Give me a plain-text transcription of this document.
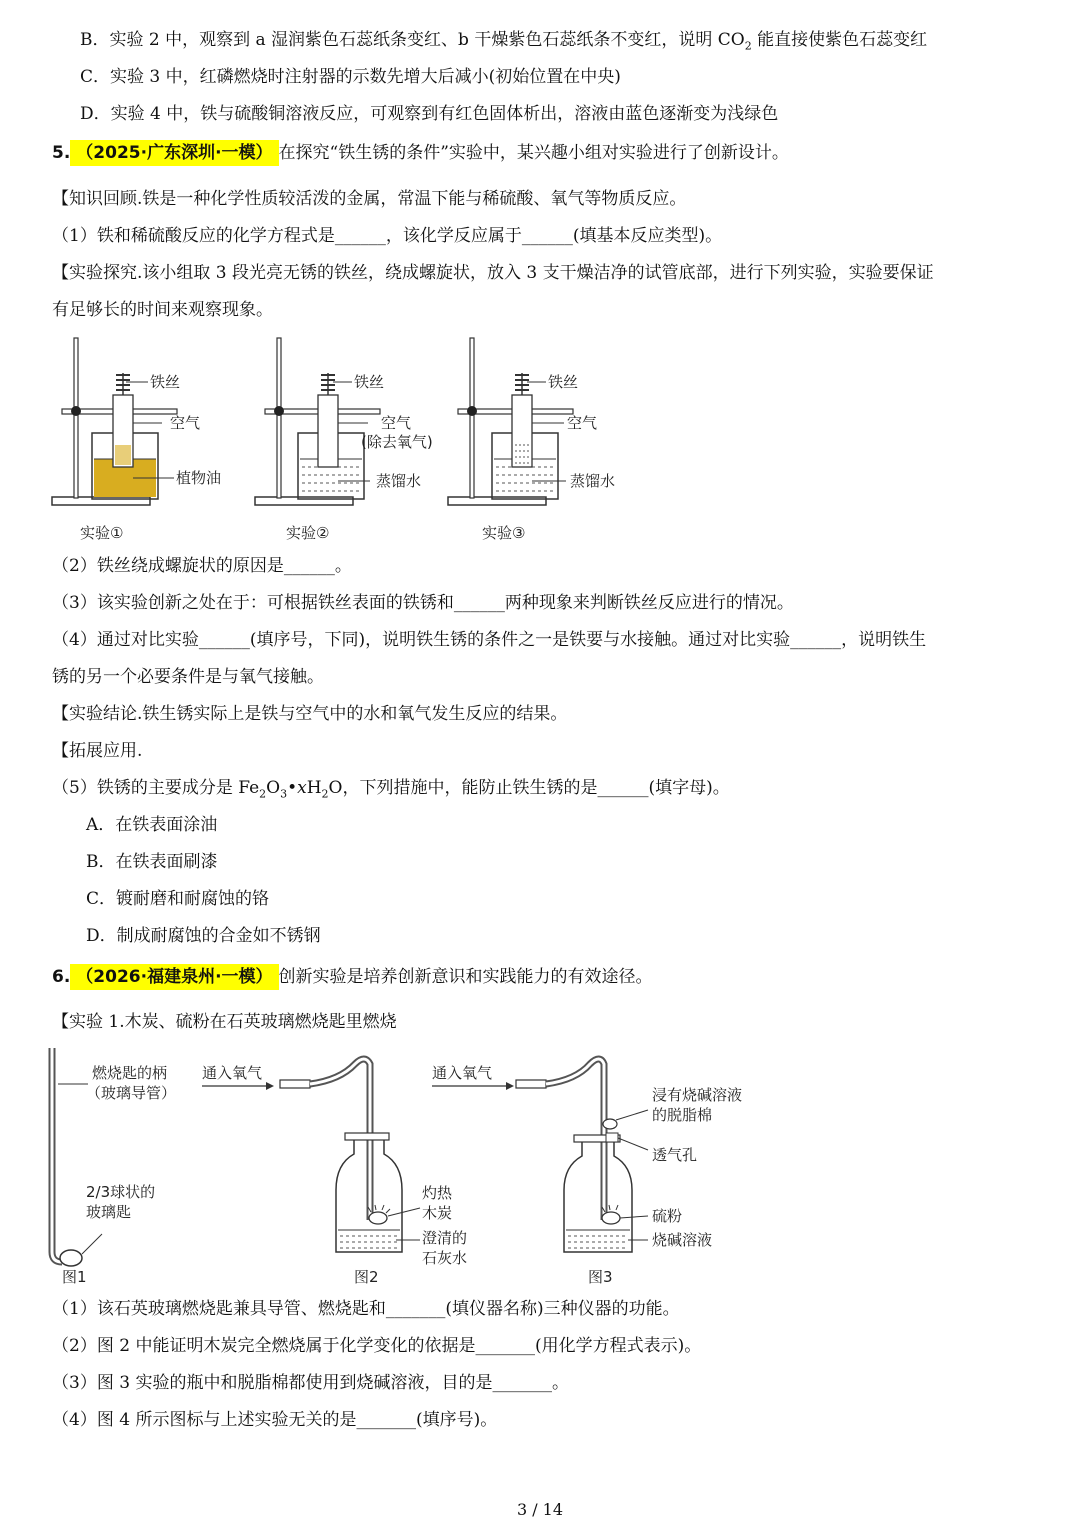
B．实验 2 中，观察到 a 湿润紫色石蕊纸条变红、b 干燥紫色石蕊纸条不变红，说明 $CO_2$ 能直接使紫色石蕊变红
C．实验 3 中，红磷燃烧时注射器的示数先增大后减小(初始位置在中央)
D．实验 4 中，铁与硫酸铜溶液反应，可观察到有红色固体析出，溶液由蓝色逐渐变为浅绿色
5. （2025·广东深圳·一模） 在探究“铁生锈的条件”实验中，某兴趣小组对实验进行了创新设计。
【知识回顾.铁是一种化学性质较活泼的金属，常温下能与稀硫酸、氧气等物质反应。
（1）铁和稀硫酸反应的化学方程式是______，该化学反应属于______(填基本反应类型)。
【实验探究.该小组取 3 段光亮无锈的铁丝，绕成螺旋状，放入 3 支干燥洁净的试管底部，进行下列实验，实验要保证
有足够长的时间来观察现象。
铁丝
空气
植物油
实验①
铁丝
空气
(除去氧气)
蒸馏水
实验②
铁丝
空气
蒸馏水
实验③
（2）铁丝绕成螺旋状的原因是______。
（3）该实验创新之处在于：可根据铁丝表面的铁锈和______两种现象来判断铁丝反应进行的情况。
（4）通过对比实验______(填序号，下同)，说明铁生锈的条件之一是铁要与水接触。通过对比实验______，说明铁生
锈的另一个必要条件是与氧气接触。
【实验结论.铁生锈实际上是铁与空气中的水和氧气发生反应的结果。
【拓展应用.
（5）铁锈的主要成分是 $Fe_2O_3•xH_2O$，下列措施中，能防止铁生锈的是______(填字母)。
A．在铁表面涂油
B．在铁表面刷漆
C．镀耐磨和耐腐蚀的铬
D．制成耐腐蚀的合金如不锈钢
6. （2026·福建泉州·一模） 创新实验是培养创新意识和实践能力的有效途径。
【实验 1.木炭、硫粉在石英玻璃燃烧匙里燃烧
燃烧匙的柄
（玻璃导管）
2/3球状的
玻璃匙
图1
通入氧气
灼热
木炭
澄清的
石灰水
图2
通入氧气
浸有烧碱溶液
的脱脂棉
透气孔
硫粉
烧碱溶液
图3
（1）该石英玻璃燃烧匙兼具导管、燃烧匙和_______(填仪器名称)三种仪器的功能。
（2）图 2 中能证明木炭完全燃烧属于化学变化的依据是_______(用化学方程式表示)。
（3）图 3 实验的瓶中和脱脂棉都使用到烧碱溶液，目的是_______。
（4）图 4 所示图标与上述实验无关的是_______(填序号)。
3 / 14
